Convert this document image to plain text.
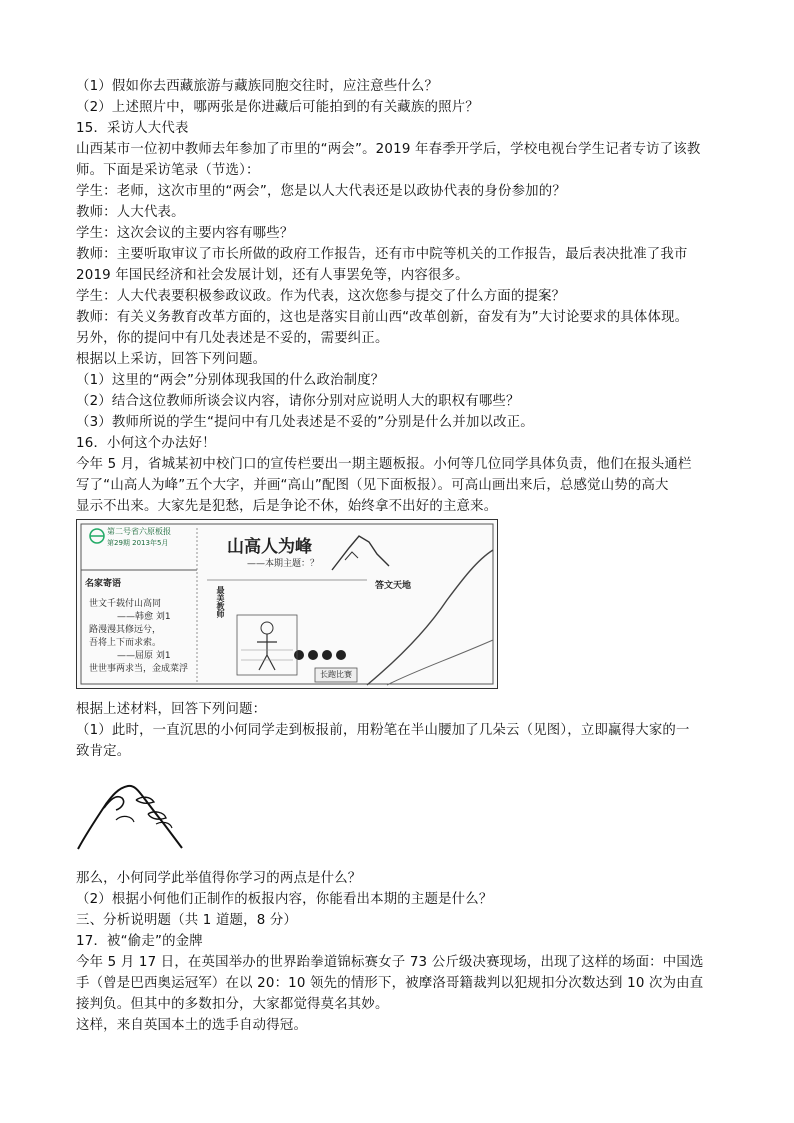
（1）假如你去西藏旅游与藏族同胞交往时，应注意些什么？
（2）上述照片中，哪两张是你进藏后可能拍到的有关藏族的照片？
15．采访人大代表
山西某市一位初中教师去年参加了市里的“两会”。2019 年春季开学后，学校电视台学生记者专访了该教
师。下面是采访笔录（节选）：
学生：老师，这次市里的“两会”，您是以人大代表还是以政协代表的身份参加的？
教师：人大代表。
学生：这次会议的主要内容有哪些？
教师：主要听取审议了市长所做的政府工作报告，还有市中院等机关的工作报告，最后表决批准了我市
2019 年国民经济和社会发展计划，还有人事罢免等，内容很多。
学生：人大代表要积极参政议政。作为代表，这次您参与提交了什么方面的提案？
教师：有关义务教育改革方面的，这也是落实目前山西“改革创新，奋发有为”大讨论要求的具体体现。
另外，你的提问中有几处表述是不妥的，需要纠正。
根据以上采访，回答下列问题。
（1）这里的“两会”分别体现我国的什么政治制度？
（2）结合这位教师所谈会议内容，请你分别对应说明人大的职权有哪些？
（3）教师所说的学生“提问中有几处表述是不妥的”分别是什么并加以改正。
16．小何这个办法好！
今年 5 月，省城某初中校门口的宣传栏要出一期主题板报。小何等几位同学具体负责，他们在报头通栏
写了“山高人为峰”五个大字，并画“高山”配图（见下面板报）。可高山画出来后，总感觉山势的高大
显示不出来。大家先是犯愁，后是争论不休，始终拿不出好的主意来。
第二号省六原板报
第29期 2013年5月	山高人为峰
——本期主题：？
名家寄语
世文千载付山高同
——韩愈 刘1
路漫漫其修远兮，
吾将上下而求索。
——屈原 刘1
世世事两求当，金成菜浮
最美教师	答文天地
长跑比赛
根据上述材料，回答下列问题：
（1）此时，一直沉思的小何同学走到板报前，用粉笔在半山腰加了几朵云（见图），立即赢得大家的一
致肯定。
那么，小何同学此举值得你学习的两点是什么？
（2）根据小何他们正制作的板报内容，你能看出本期的主题是什么？
三、分析说明题（共 1 道题，8 分）
17．被“偷走”的金牌
今年 5 月 17 日，在英国举办的世界跆拳道锦标赛女子 73 公斤级决赛现场，出现了这样的场面：中国选
手（曾是巴西奥运冠军）在以 20：10 领先的情形下，被摩洛哥籍裁判以犯规扣分次数达到 10 次为由直
接判负。但其中的多数扣分，大家都觉得莫名其妙。
这样，来自英国本土的选手自动得冠。
